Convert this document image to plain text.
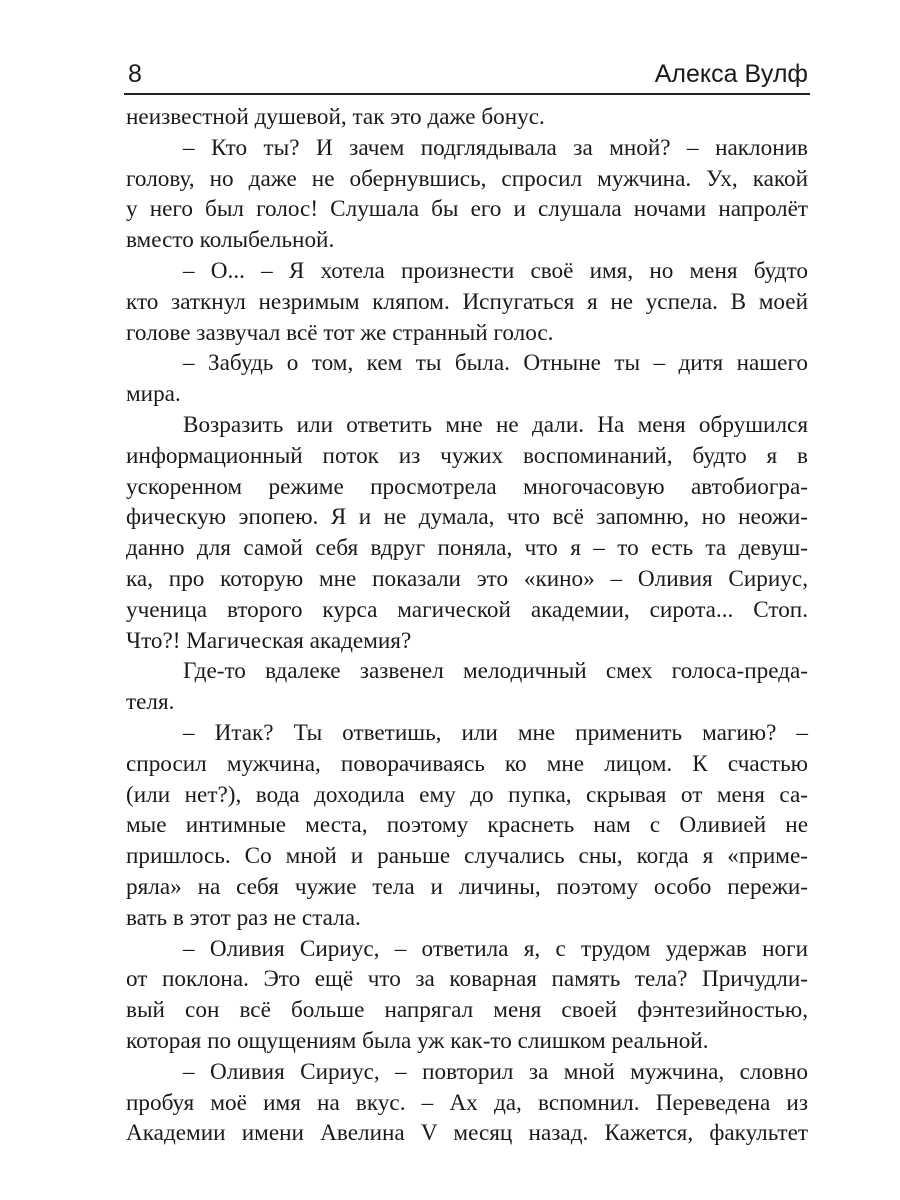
8	Алекса Вулф
неизвестной душевой, так это даже бонус.
– Кто ты? И зачем подглядывала за мной? – наклонив
голову, но даже не обернувшись, спросил мужчина. Ух, какой
у него был голос! Слушала бы его и слушала ночами напролёт
вместо колыбельной.
– О... – Я хотела произнести своё имя, но меня будто
кто заткнул незримым кляпом. Испугаться я не успела. В моей
голове зазвучал всё тот же странный голос.
– Забудь о том, кем ты была. Отныне ты – дитя нашего
мира.
Возразить или ответить мне не дали. На меня обрушился
информационный поток из чужих воспоминаний, будто я в
ускоренном режиме просмотрела многочасовую автобиогра-
фическую эпопею. Я и не думала, что всё запомню, но неожи-
данно для самой себя вдруг поняла, что я – то есть та девуш-
ка, про которую мне показали это «кино» – Оливия Сириус,
ученица второго курса магической академии, сирота... Стоп.
Что?! Магическая академия?
Где-то вдалеке зазвенел мелодичный смех голоса-преда-
теля.
– Итак? Ты ответишь, или мне применить магию? –
спросил мужчина, поворачиваясь ко мне лицом. К счастью
(или нет?), вода доходила ему до пупка, скрывая от меня са-
мые интимные места, поэтому краснеть нам с Оливией не
пришлось. Со мной и раньше случались сны, когда я «приме-
ряла» на себя чужие тела и личины, поэтому особо пережи-
вать в этот раз не стала.
– Оливия Сириус, – ответила я, с трудом удержав ноги
от поклона. Это ещё что за коварная память тела? Причудли-
вый сон всё больше напрягал меня своей фэнтезийностью,
которая по ощущениям была уж как-то слишком реальной.
– Оливия Сириус, – повторил за мной мужчина, словно
пробуя моё имя на вкус. – Ах да, вспомнил. Переведена из
Академии имени Авелина V месяц назад. Кажется, факультет
